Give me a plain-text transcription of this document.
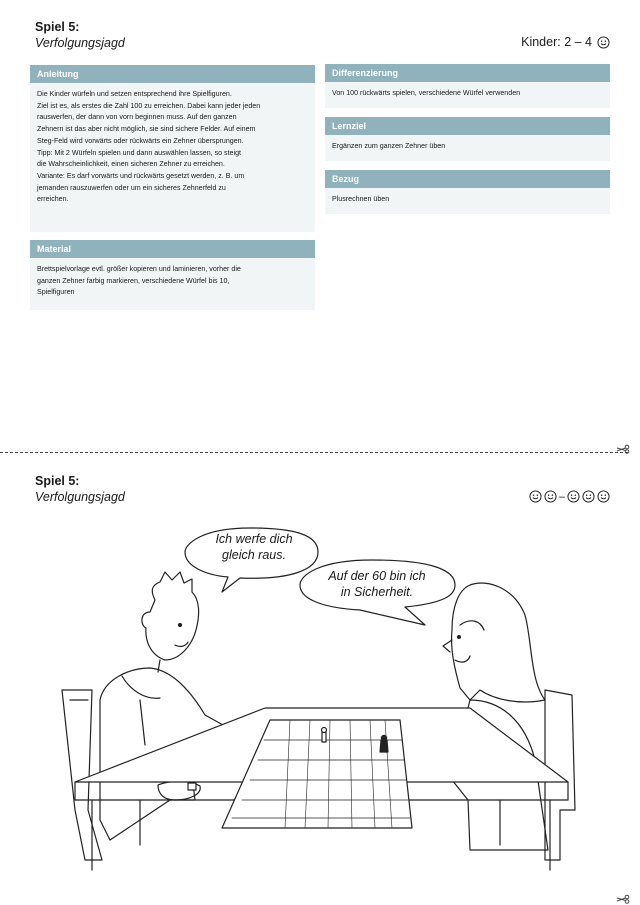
Spiel 5:
Verfolgungsjagd	Kinder: 2 – 4
Anleitung
Die Kinder würfeln und setzen entsprechend ihre Spielfiguren.
Ziel ist es, als erstes die Zahl 100 zu erreichen. Dabei kann jeder jeden
rauswerfen, der dann von vorn beginnen muss. Auf den ganzen
Zehnern ist das aber nicht möglich, sie sind sichere Felder. Auf einem
Steg-Feld wird vorwärts oder rückwärts ein Zehner übersprungen.
Tipp: Mit 2 Würfeln spielen und dann auswählen lassen, so steigt
die Wahrscheinlichkeit, einen sicheren Zehner zu erreichen.
Variante: Es darf vorwärts und rückwärts gesetzt werden, z. B. um
jemanden rauszuwerfen oder um ein sicheres Zehnerfeld zu
erreichen.
Material
Brettspielvorlage evtl. größer kopieren und laminieren, vorher die
ganzen Zehner farbig markieren, verschiedene Würfel bis 10,
Spielfiguren
Differenzierung
Von 100 rückwärts spielen, verschiedene Würfel verwenden
Lernziel
Ergänzen zum ganzen Zehner üben
Bezug
Plusrechnen üben
Spiel 5:
Verfolgungsjagd	–
Ich werfe dich
gleich raus.
Auf der 60 bin ich
in Sicherheit.
